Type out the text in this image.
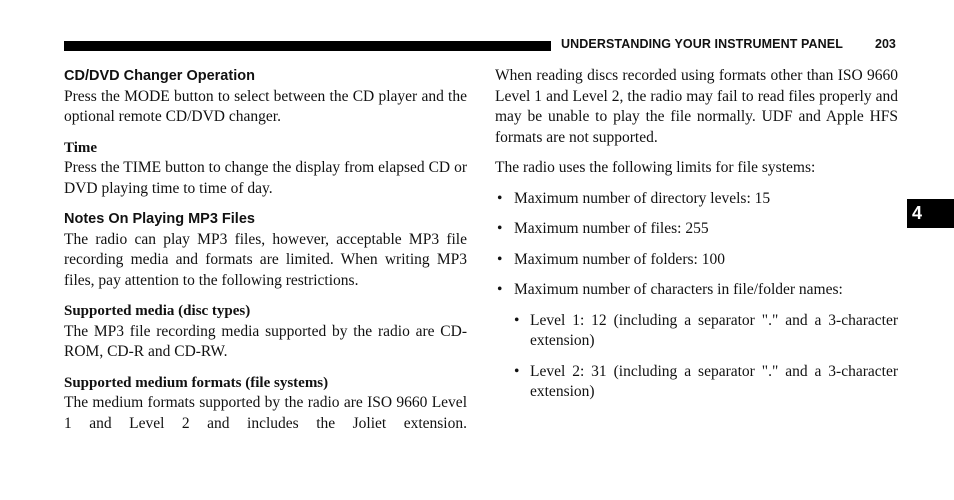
UNDERSTANDING YOUR INSTRUMENT PANEL	203
4
CD/DVD Changer Operation

Press the MODE button to select between the CD player and the optional remote CD/DVD changer.

Time

Press the TIME button to change the display from elapsed CD or DVD playing time to time of day.

Notes On Playing MP3 Files

The radio can play MP3 files, however, acceptable MP3 file recording media and formats are limited. When writing MP3 files, pay attention to the following restrictions.

Supported media (disc types)

The MP3 file recording media supported by the radio are CD-ROM, CD-R and CD-RW.

Supported medium formats (file systems)

The medium formats supported by the radio are ISO 9660 Level 1 and Level 2 and includes the Joliet extension.

When reading discs recorded using formats other than ISO 9660 Level 1 and Level 2, the radio may fail to read files properly and may be unable to play the file normally. UDF and Apple HFS formats are not supported.

The radio uses the following limits for file systems:

• Maximum number of directory levels: 15
• Maximum number of files: 255
• Maximum number of folders: 100
• Maximum number of characters in file/folder names:
• Level 1: 12 (including a separator "." and a 3-character extension)
• Level 2: 31 (including a separator "." and a 3-character extension)
